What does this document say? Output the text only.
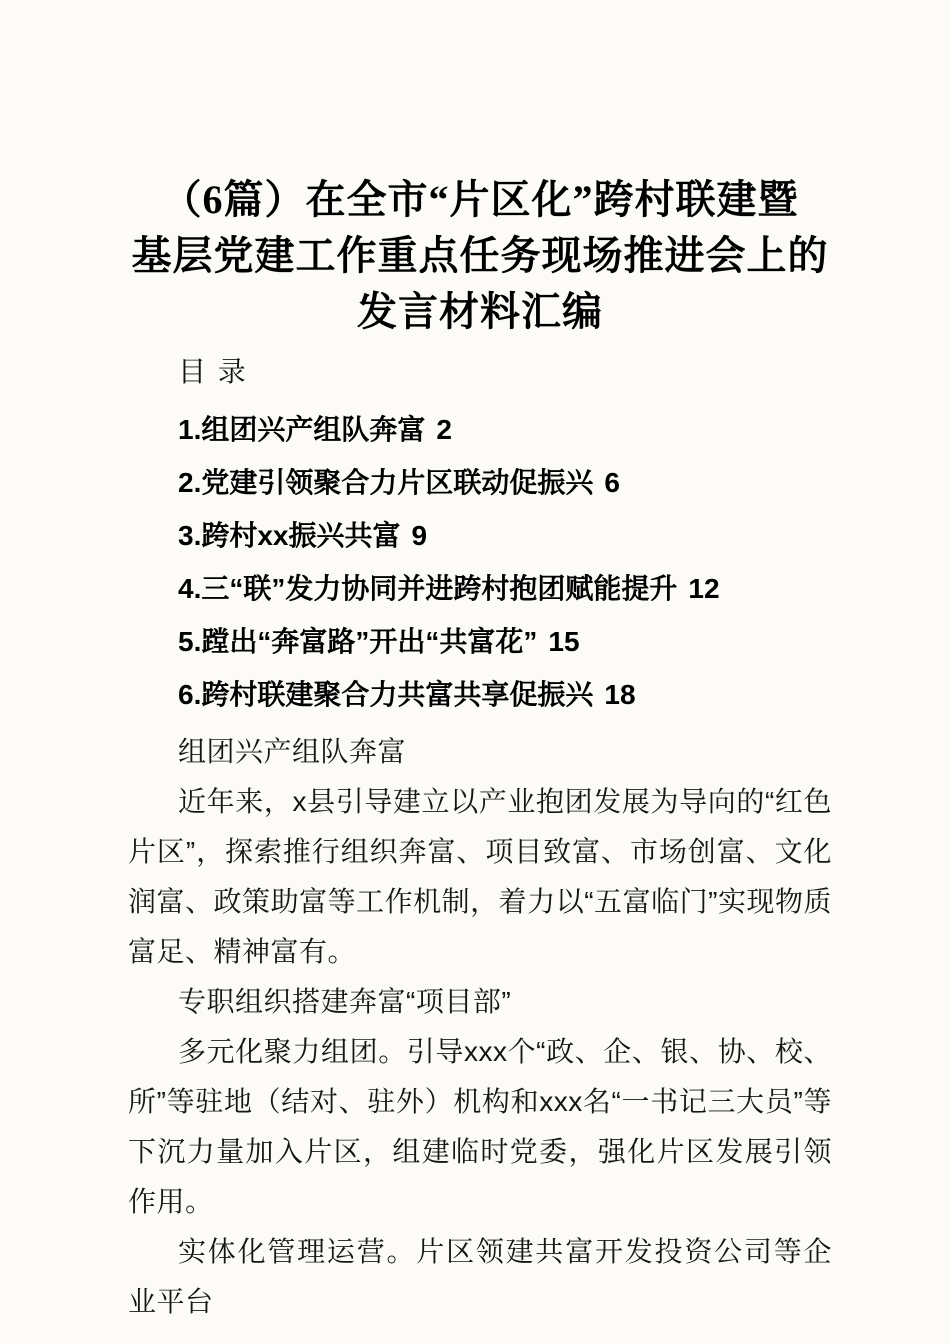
（6篇）在全市“片区化”跨村联建暨
基层党建工作重点任务现场推进会上的
发言材料汇编
目 录
1.组团兴产组队奔富 2
2.党建引领聚合力片区联动促振兴 6
3.跨村xx振兴共富 9
4.三“联”发力协同并进跨村抱团赋能提升 12
5.蹚出“奔富路”开出“共富花” 15
6.跨村联建聚合力共富共享促振兴 18

组团兴产组队奔富

近年来，x县引导建立以产业抱团发展为导向的“红色片区”，探索推行组织奔富、项目致富、市场创富、文化润富、政策助富等工作机制，着力以“五富临门”实现物质富足、精神富有。

专职组织搭建奔富“项目部”

多元化聚力组团。引导xxx个“政、企、银、协、校、所”等驻地（结对、驻外）机构和xxx名“一书记三大员”等下沉力量加入片区，组建临时党委，强化片区发展引领作用。

实体化管理运营。片区领建共富开发投资公司等企业平台
